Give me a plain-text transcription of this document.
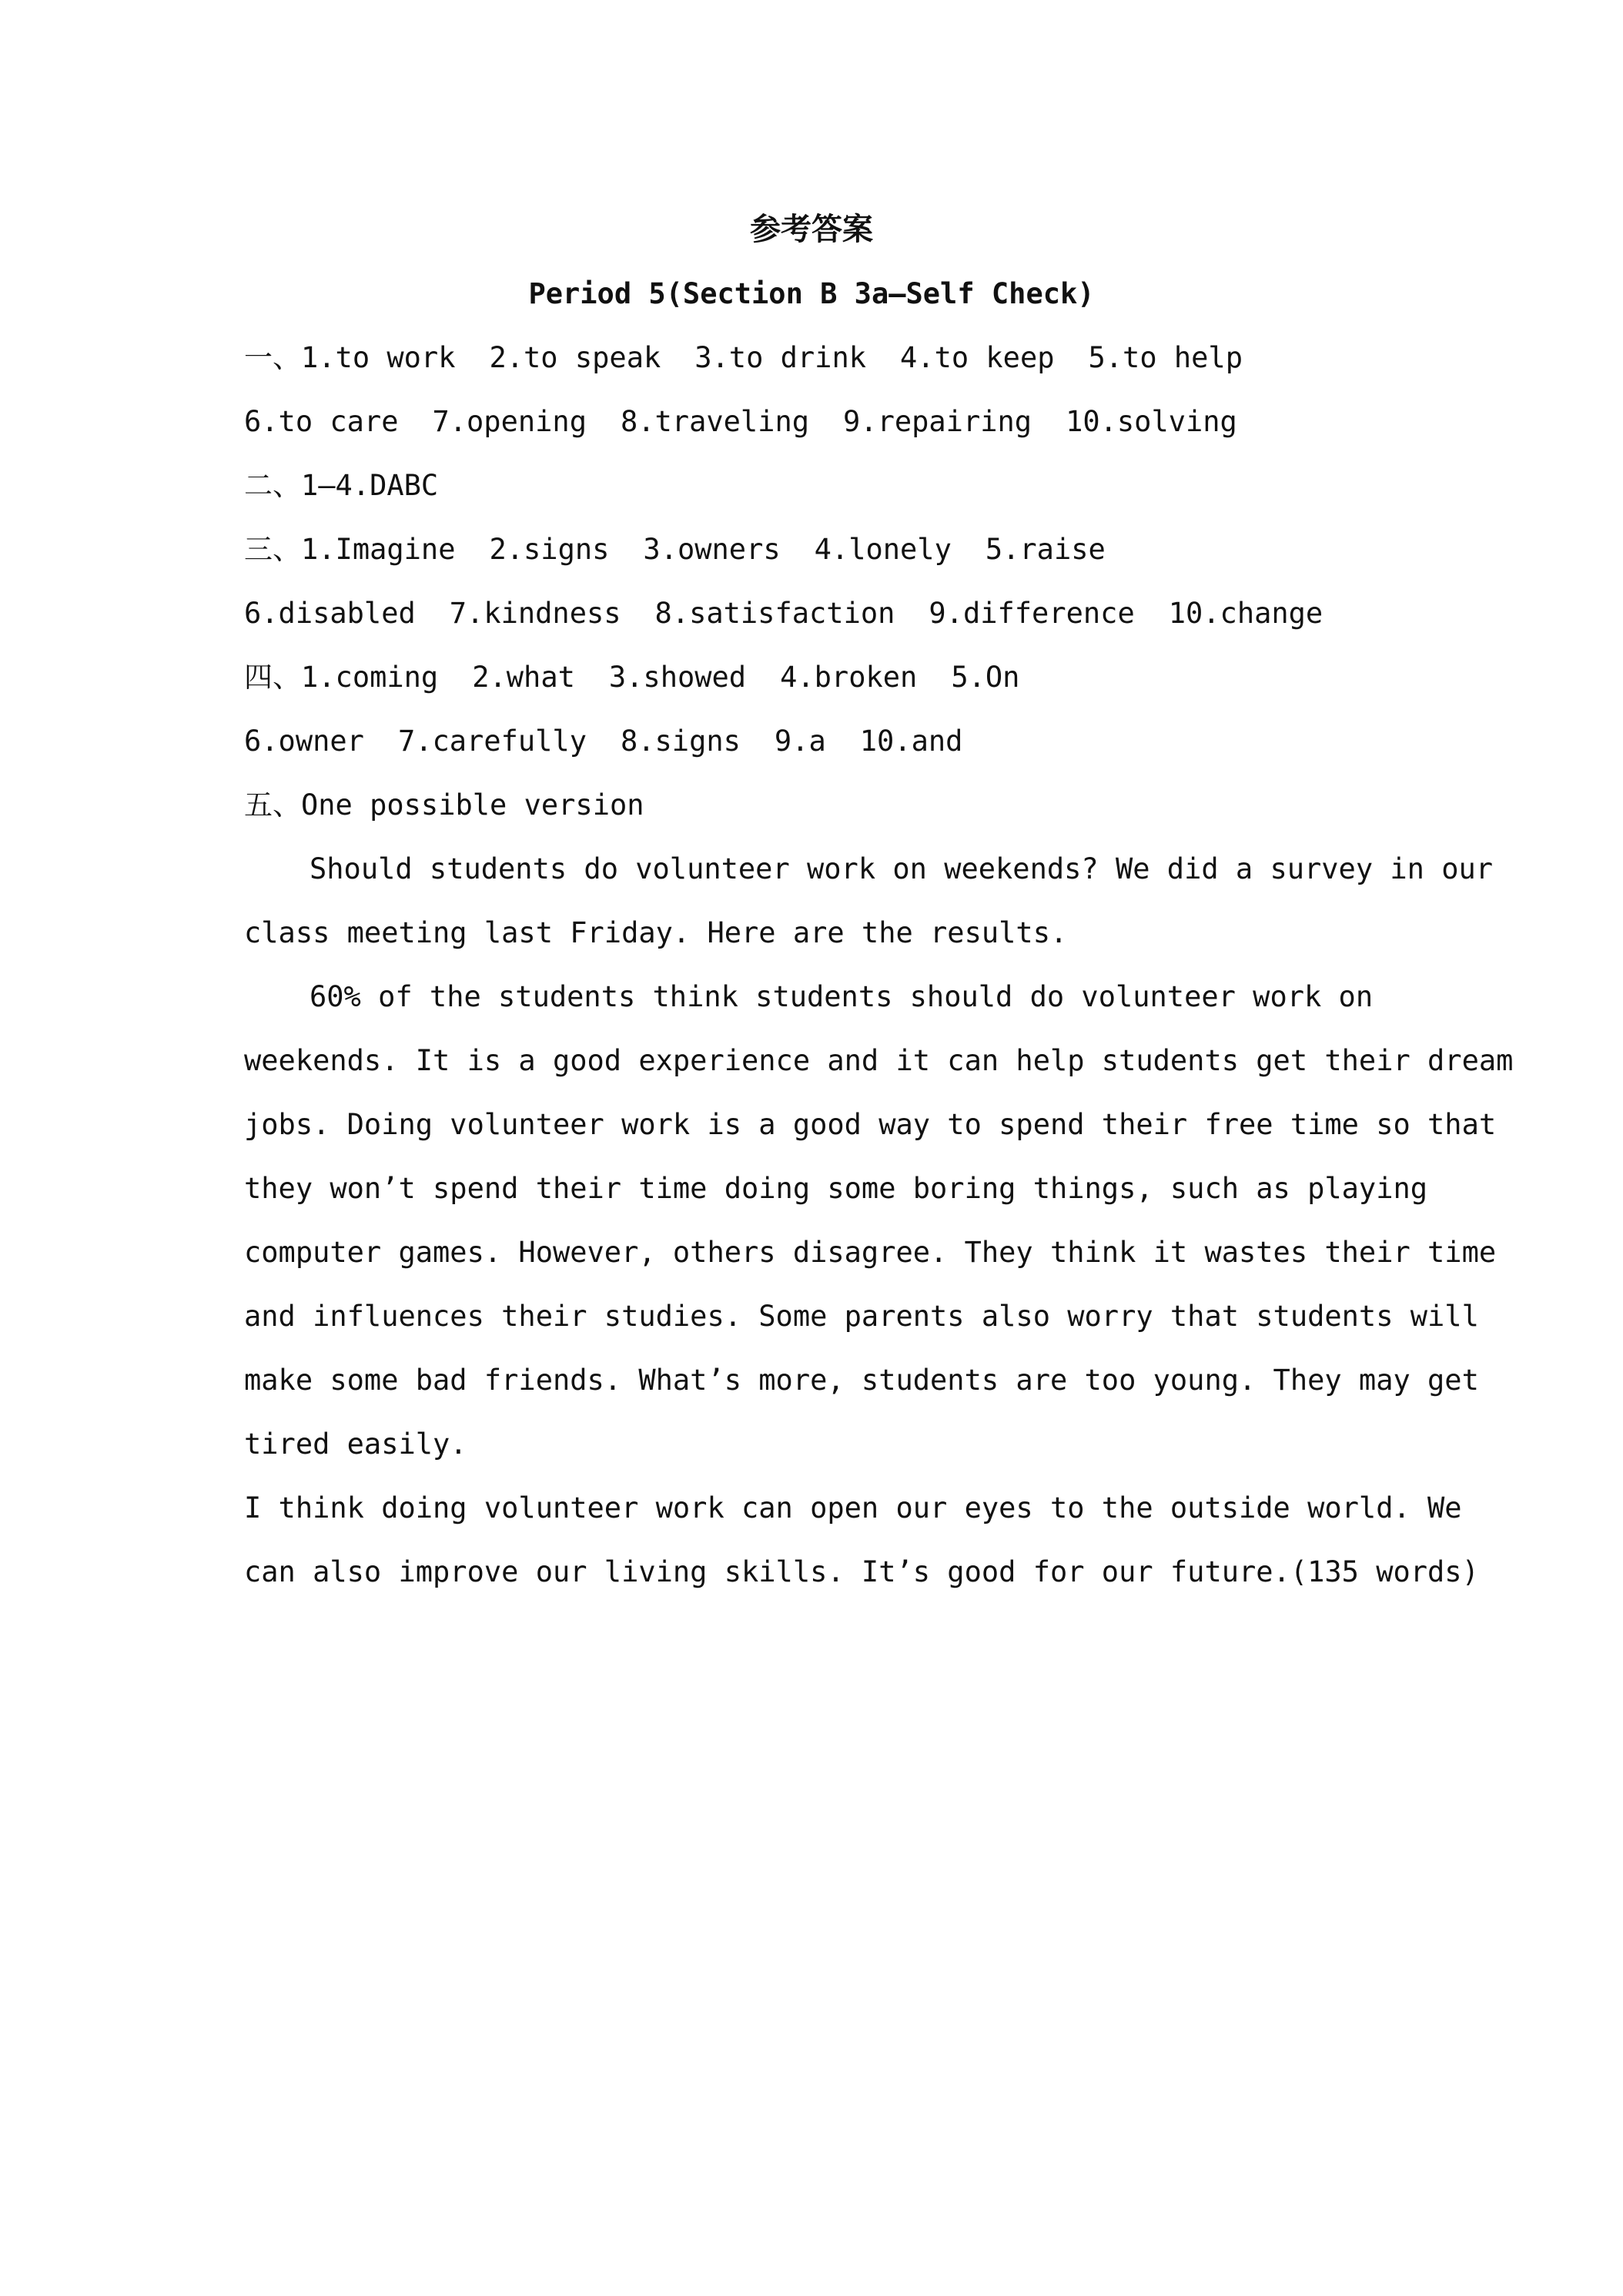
参考答案
Period 5(Section B 3a—Self Check)
一、1.to work 2.to speak 3.to drink 4.to keep 5.to help
6.to care 7.opening 8.traveling 9.repairing 10.solving
二、1—4.DABC
三、1.Imagine 2.signs 3.owners 4.lonely 5.raise
6.disabled 7.kindness 8.satisfaction 9.difference 10.change
四、1.coming 2.what 3.showed 4.broken 5.On
6.owner 7.carefully 8.signs 9.a 10.and
五、One possible version
Should students do volunteer work on weekends? We did a survey in our
class meeting last Friday. Here are the results.
60% of the students think students should do volunteer work on
weekends. It is a good experience and it can help students get their dream
jobs. Doing volunteer work is a good way to spend their free time so that
they won’t spend their time doing some boring things, such as playing
computer games. However, others disagree. They think it wastes their time
and influences their studies. Some parents also worry that students will
make some bad friends. What’s more, students are too young. They may get
tired easily.
I think doing volunteer work can open our eyes to the outside world. We
can also improve our living skills. It’s good for our future.(135 words)
